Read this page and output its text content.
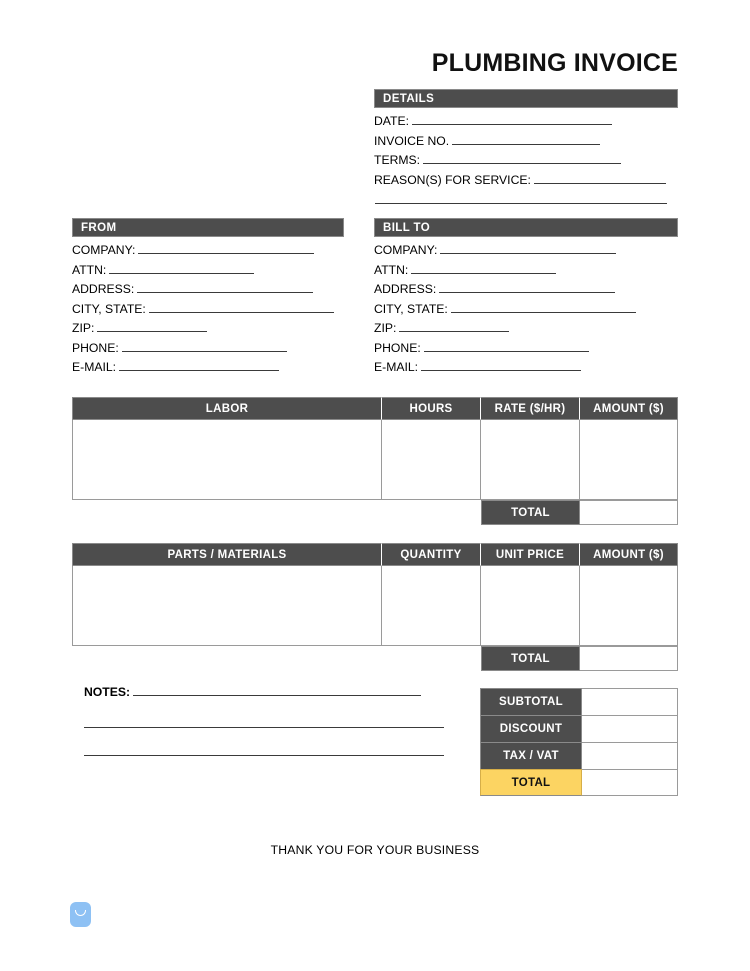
PLUMBING INVOICE
DETAILS
DATE:
INVOICE NO.
TERMS:
REASON(S) FOR SERVICE:
FROM
COMPANY:
ATTN:
ADDRESS:
CITY, STATE:
ZIP:
PHONE:
E-MAIL:
BILL TO
COMPANY:
ATTN:
ADDRESS:
CITY, STATE:
ZIP:
PHONE:
E-MAIL:
LABOR	HOURS	RATE ($/HR)	AMOUNT ($)
TOTAL
PARTS / MATERIALS	QUANTITY	UNIT PRICE	AMOUNT ($)
TOTAL
NOTES:
SUBTOTAL
DISCOUNT
TAX / VAT
TOTAL
THANK YOU FOR YOUR BUSINESS
